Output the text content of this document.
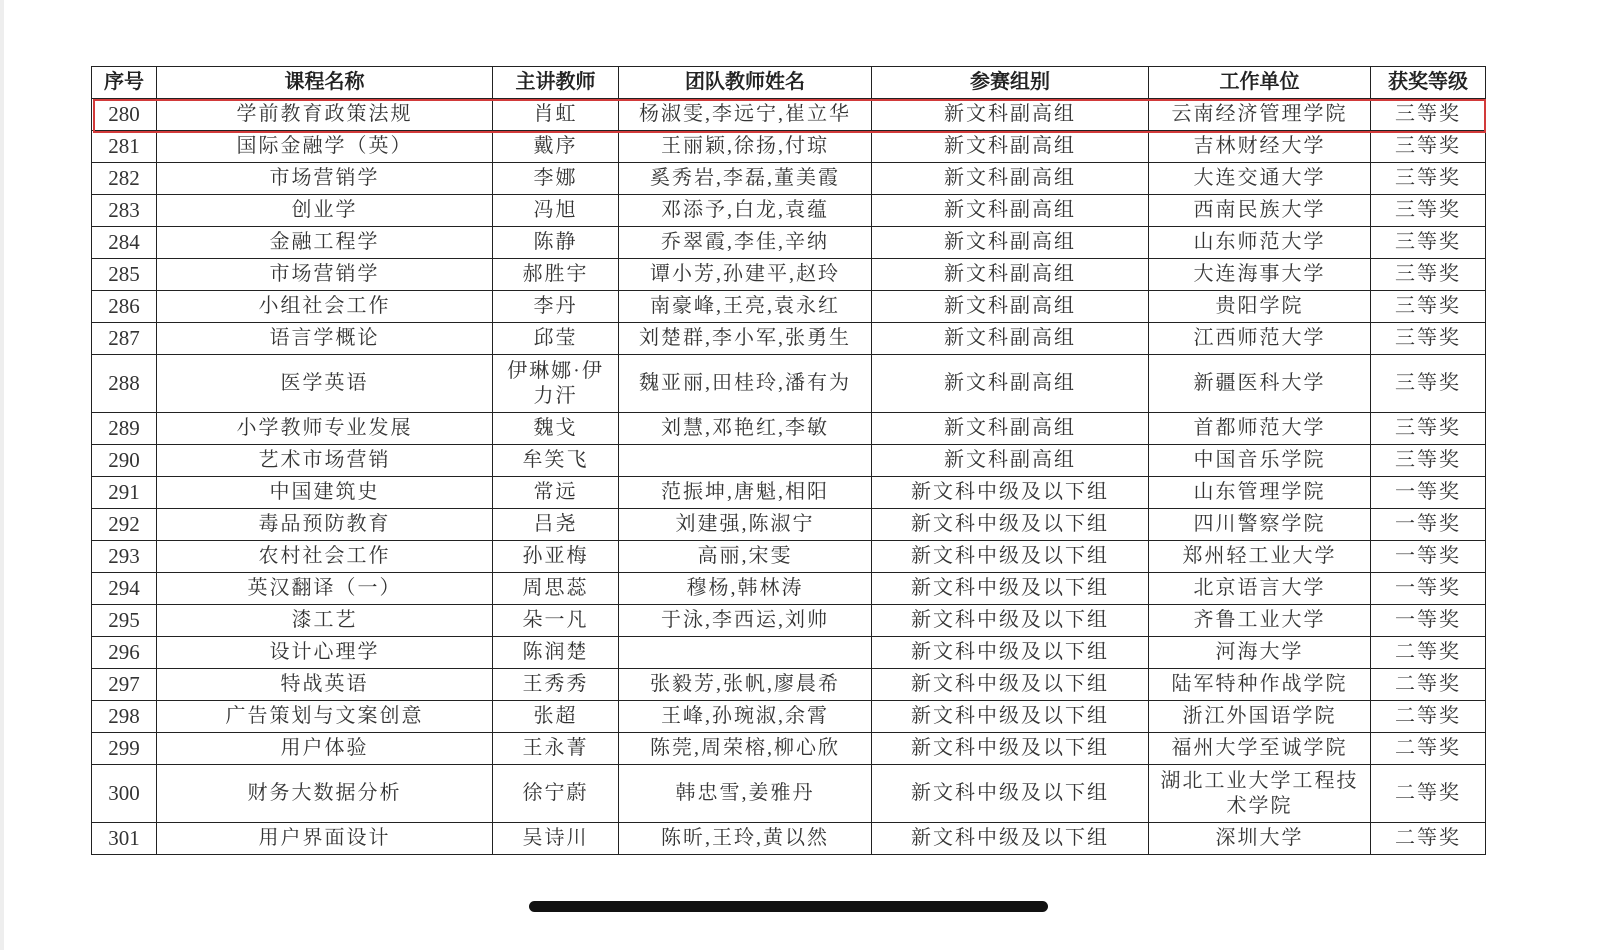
序号	课程名称	主讲教师	团队教师姓名	参赛组别	工作单位	获奖等级
280	学前教育政策法规	肖虹	杨淑雯,李远宁,崔立华	新文科副高组	云南经济管理学院	三等奖
281	国际金融学（英）	戴序	王丽颖,徐扬,付琼	新文科副高组	吉林财经大学	三等奖
282	市场营销学	李娜	奚秀岩,李磊,董美霞	新文科副高组	大连交通大学	三等奖
283	创业学	冯旭	邓添予,白龙,袁蕴	新文科副高组	西南民族大学	三等奖
284	金融工程学	陈静	乔翠霞,李佳,辛纳	新文科副高组	山东师范大学	三等奖
285	市场营销学	郝胜宇	谭小芳,孙建平,赵玲	新文科副高组	大连海事大学	三等奖
286	小组社会工作	李丹	南豪峰,王亮,袁永红	新文科副高组	贵阳学院	三等奖
287	语言学概论	邱莹	刘楚群,李小军,张勇生	新文科副高组	江西师范大学	三等奖
288	医学英语	伊琳娜·伊力汗	魏亚丽,田桂玲,潘有为	新文科副高组	新疆医科大学	三等奖
289	小学教师专业发展	魏戈	刘慧,邓艳红,李敏	新文科副高组	首都师范大学	三等奖
290	艺术市场营销	牟笑飞		新文科副高组	中国音乐学院	三等奖
291	中国建筑史	常远	范振坤,唐魁,相阳	新文科中级及以下组	山东管理学院	一等奖
292	毒品预防教育	吕尧	刘建强,陈淑宁	新文科中级及以下组	四川警察学院	一等奖
293	农村社会工作	孙亚梅	高丽,宋雯	新文科中级及以下组	郑州轻工业大学	一等奖
294	英汉翻译（一）	周思蕊	穆杨,韩林涛	新文科中级及以下组	北京语言大学	一等奖
295	漆工艺	朵一凡	于泳,李西运,刘帅	新文科中级及以下组	齐鲁工业大学	一等奖
296	设计心理学	陈润楚		新文科中级及以下组	河海大学	二等奖
297	特战英语	王秀秀	张毅芳,张帆,廖晨希	新文科中级及以下组	陆军特种作战学院	二等奖
298	广告策划与文案创意	张超	王峰,孙琬淑,余霄	新文科中级及以下组	浙江外国语学院	二等奖
299	用户体验	王永菁	陈莞,周荣榕,柳心欣	新文科中级及以下组	福州大学至诚学院	二等奖
300	财务大数据分析	徐宁蔚	韩忠雪,姜雅丹	新文科中级及以下组	湖北工业大学工程技术学院	二等奖
301	用户界面设计	吴诗川	陈昕,王玲,黄以然	新文科中级及以下组	深圳大学	二等奖
